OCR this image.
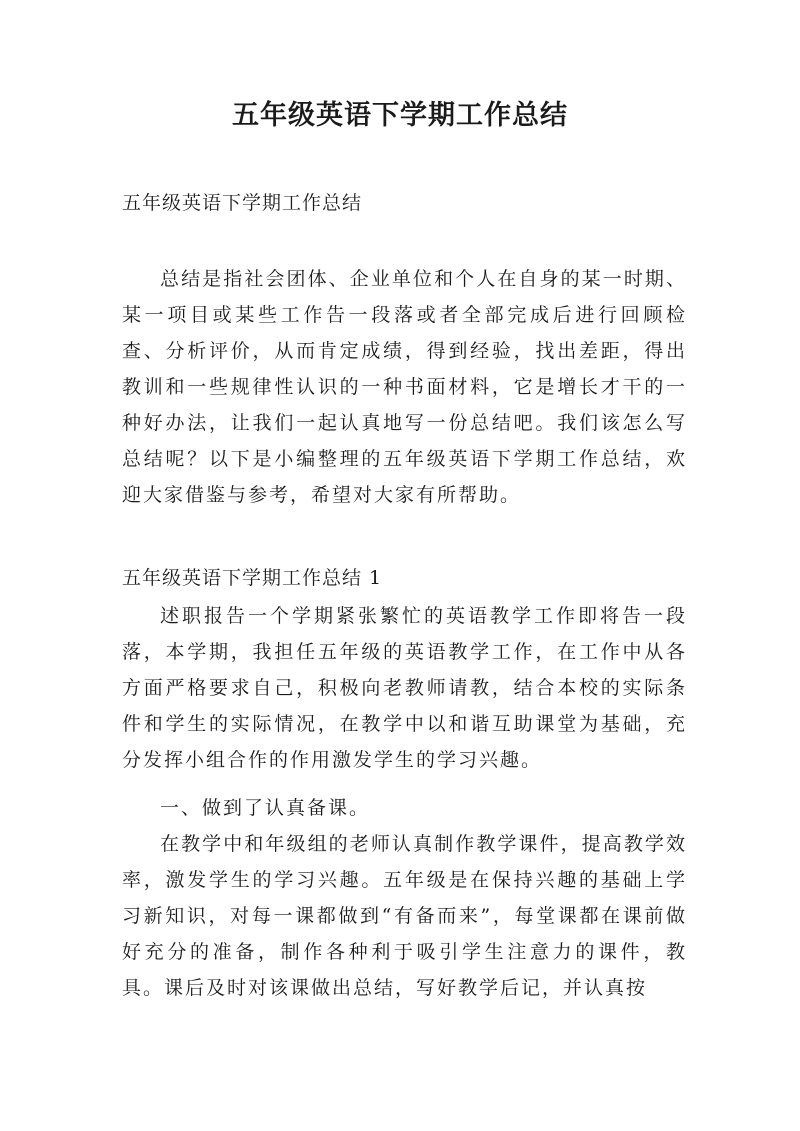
五年级英语下学期工作总结

五年级英语下学期工作总结

总结是指社会团体、企业单位和个人在自身的某一时期、某一项目或某些工作告一段落或者全部完成后进行回顾检查、分析评价，从而肯定成绩，得到经验，找出差距，得出教训和一些规律性认识的一种书面材料，它是增长才干的一种好办法，让我们一起认真地写一份总结吧。我们该怎么写总结呢？以下是小编整理的五年级英语下学期工作总结，欢迎大家借鉴与参考，希望对大家有所帮助。

五年级英语下学期工作总结 1

述职报告一个学期紧张繁忙的英语教学工作即将告一段落，本学期，我担任五年级的英语教学工作，在工作中从各方面严格要求自己，积极向老教师请教，结合本校的实际条件和学生的实际情况，在教学中以和谐互助课堂为基础，充分发挥小组合作的作用激发学生的学习兴趣。

一、做到了认真备课。

在教学中和年级组的老师认真制作教学课件，提高教学效率，激发学生的学习兴趣。五年级是在保持兴趣的基础上学习新知识，对每一课都做到“有备而来”，每堂课都在课前做好充分的准备，制作各种利于吸引学生注意力的课件，教具。课后及时对该课做出总结，写好教学后记，并认真按
